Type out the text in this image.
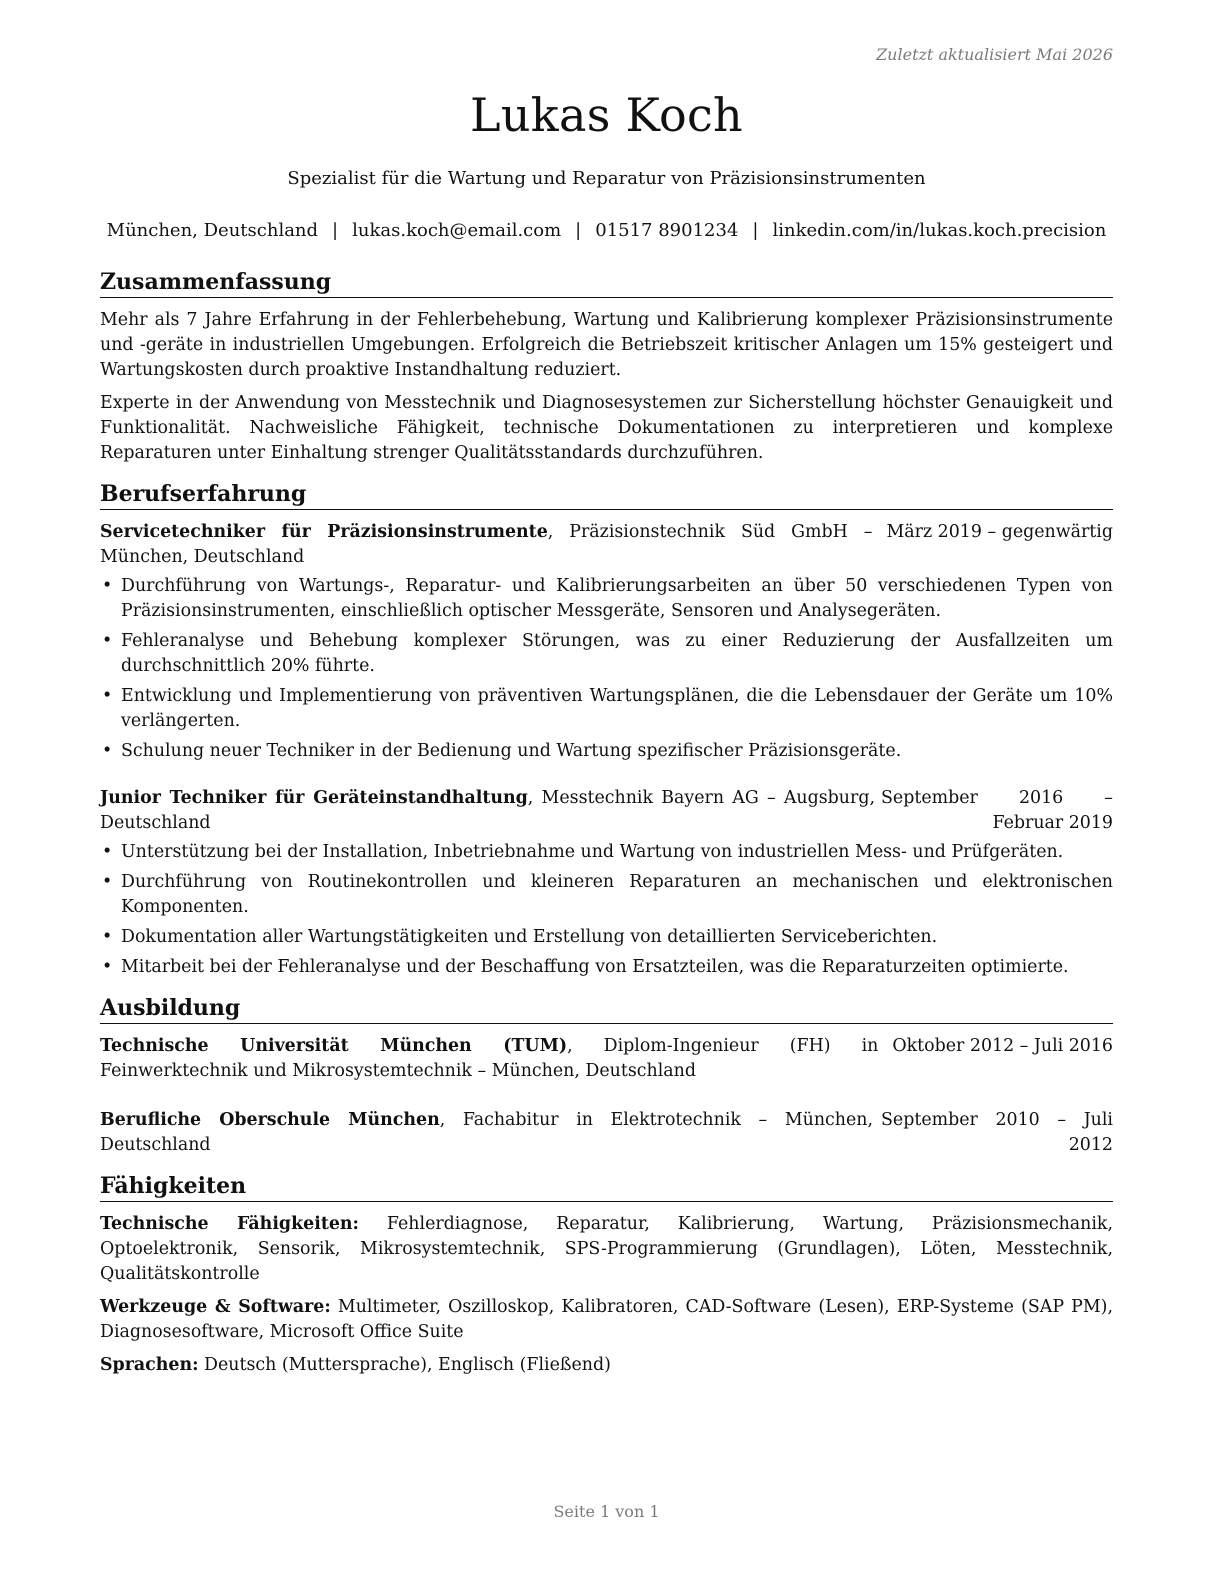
Zuletzt aktualisiert Mai 2026
Lukas Koch
Spezialist für die Wartung und Reparatur von Präzisionsinstrumenten
München, Deutschland | lukas.koch@email.com | 01517 8901234 | linkedin.com/in/lukas.koch.precision
Zusammenfassung

Mehr als 7 Jahre Erfahrung in der Fehlerbehebung, Wartung und Kalibrierung komplexer Präzisionsinstrumente und -geräte in industriellen Umgebungen. Erfolgreich die Betriebszeit kritischer Anlagen um 15% gesteigert und Wartungskosten durch proaktive Instandhaltung reduziert.

Experte in der Anwendung von Messtechnik und Diagnosesystemen zur Sicherstellung höchster Genauigkeit und Funktionalität. Nachweisliche Fähigkeit, technische Dokumentationen zu interpretieren und komplexe Reparaturen unter Einhaltung strenger Qualitätsstandards durchzuführen.

Berufserfahrung
Servicetechniker für Präzisionsinstrumente, Präzisionstechnik Süd GmbH – München, Deutschland
März 2019 – gegenwärtig
• Durchführung von Wartungs-, Reparatur- und Kalibrierungsarbeiten an über 50 verschiedenen Typen von Präzisionsinstrumenten, einschließlich optischer Messgeräte, Sensoren und Analysegeräten.
• Fehleranalyse und Behebung komplexer Störungen, was zu einer Reduzierung der Ausfallzeiten um durchschnittlich 20% führte.
• Entwicklung und Implementierung von präventiven Wartungsplänen, die die Lebensdauer der Geräte um 10% verlängerten.
• Schulung neuer Techniker in der Bedienung und Wartung spezifischer Präzisionsgeräte.
Junior Techniker für Geräteinstandhaltung, Messtechnik Bayern AG – Augsburg, Deutschland
September 2016 – Februar 2019
• Unterstützung bei der Installation, Inbetriebnahme und Wartung von industriellen Mess- und Prüfgeräten.
• Durchführung von Routinekontrollen und kleineren Reparaturen an mechanischen und elektronischen Komponenten.
• Dokumentation aller Wartungstätigkeiten und Erstellung von detaillierten Serviceberichten.
• Mitarbeit bei der Fehleranalyse und der Beschaffung von Ersatzteilen, was die Reparaturzeiten optimierte.
Ausbildung
Technische Universität München (TUM), Diplom-Ingenieur (FH) in Feinwerktechnik und Mikrosystemtechnik – München, Deutschland
Oktober 2012 – Juli 2016
Berufliche Oberschule München, Fachabitur in Elektrotechnik – München, Deutschland
September 2010 – Juli 2012
Fähigkeiten

Technische Fähigkeiten: Fehlerdiagnose, Reparatur, Kalibrierung, Wartung, Präzisionsmechanik, Optoelektronik, Sensorik, Mikrosystemtechnik, SPS-Programmierung (Grundlagen), Löten, Messtechnik, Qualitätskontrolle

Werkzeuge & Software: Multimeter, Oszilloskop, Kalibratoren, CAD-Software (Lesen), ERP-Systeme (SAP PM), Diagnosesoftware, Microsoft Office Suite

Sprachen: Deutsch (Muttersprache), Englisch (Fließend)

Seite 1 von 1
